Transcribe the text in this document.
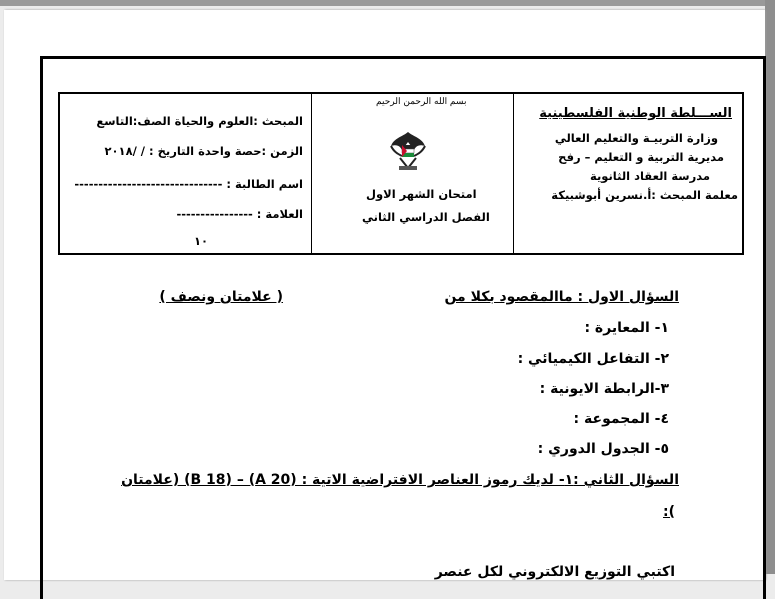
المبحث :العلوم والحياة الصف:التاسع
الزمن :حصة واحدة التاريخ : / /٢٠١٨
اسم الطالبة : -------------------------------
العلامة : ----------------
١٠
بسم الله الرحمن الرحيم
امتحان الشهر الاول
الفصل الدراسي الثاني
الســـلطة الوطنية الفلسطينية
وزارة التربيـة والتعليم العالي
مديرية التربية و التعليم – رفح
مدرسة العقاد الثانوية
معلمة المبحث :أ.نسرين أبوشبيكة
السؤال الاول : ماالمقصود بكلا من
( علامتان ونصف )
١- المعايرة :
٢- التفاعل الكيميائي :
٣-الرابطة الايونية :
٤- المجموعة :
٥- الجدول الدوري :
السؤال الثاني :١- لديك رموز العناصر الافتراضية الاتية : (A 20) – (B 18) (علامتان
):
اكتبي التوزيع الالكتروني لكل عنصر
